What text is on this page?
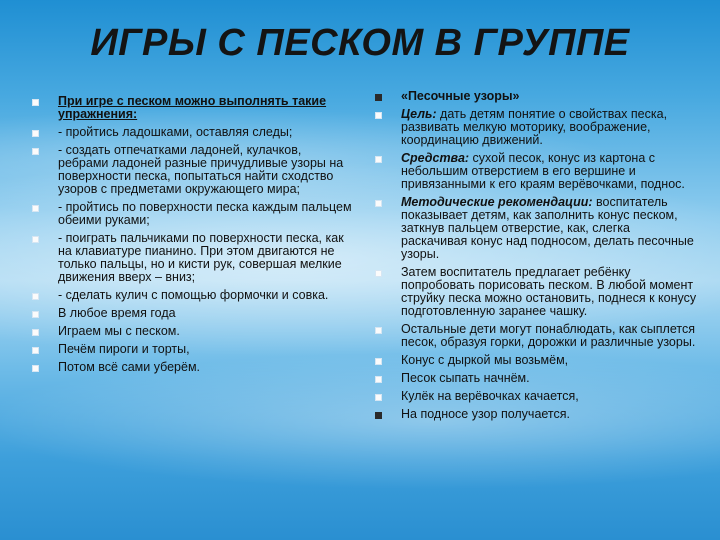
ИГРЫ С ПЕСКОМ В ГРУППЕ
При игре с песком можно выполнять такие упражнения:
- пройтись ладошками, оставляя следы;
- создать отпечатками ладоней, кулачков, ребрами ладоней разные причудливые узоры на поверхности песка, попытаться найти сходство узоров с предметами окружающего мира;
- пройтись по поверхности песка каждым пальцем обеими руками;
- поиграть пальчиками по поверхности песка, как на клавиатуре пианино. При этом двигаются не только пальцы, но и кисти рук, совершая мелкие движения вверх – вниз;
- сделать кулич с помощью формочки и совка.
В любое время года
Играем мы с песком.
Печём пироги и торты,
Потом всё сами уберём.
«Песочные узоры»
Цель: дать детям понятие о свойствах песка, развивать мелкую моторику, воображение, координацию движений.
Средства: сухой песок, конус из картона с небольшим отверстием в его вершине и привязанными к его краям верёвочками, поднос.
Методические рекомендации: воспитатель показывает детям, как заполнить конус песком, заткнув пальцем отверстие, как, слегка раскачивая конус над подносом, делать песочные узоры.
Затем воспитатель предлагает ребёнку попробовать порисовать песком. В любой момент струйку песка можно остановить, поднеся к конусу подготовленную заранее чашку.
Остальные дети могут понаблюдать, как сыплется песок, образуя горки, дорожки и различные узоры.
Конус с дыркой мы возьмём,
Песок сыпать начнём.
Кулёк на верёвочках качается,
На подносе узор получается.
